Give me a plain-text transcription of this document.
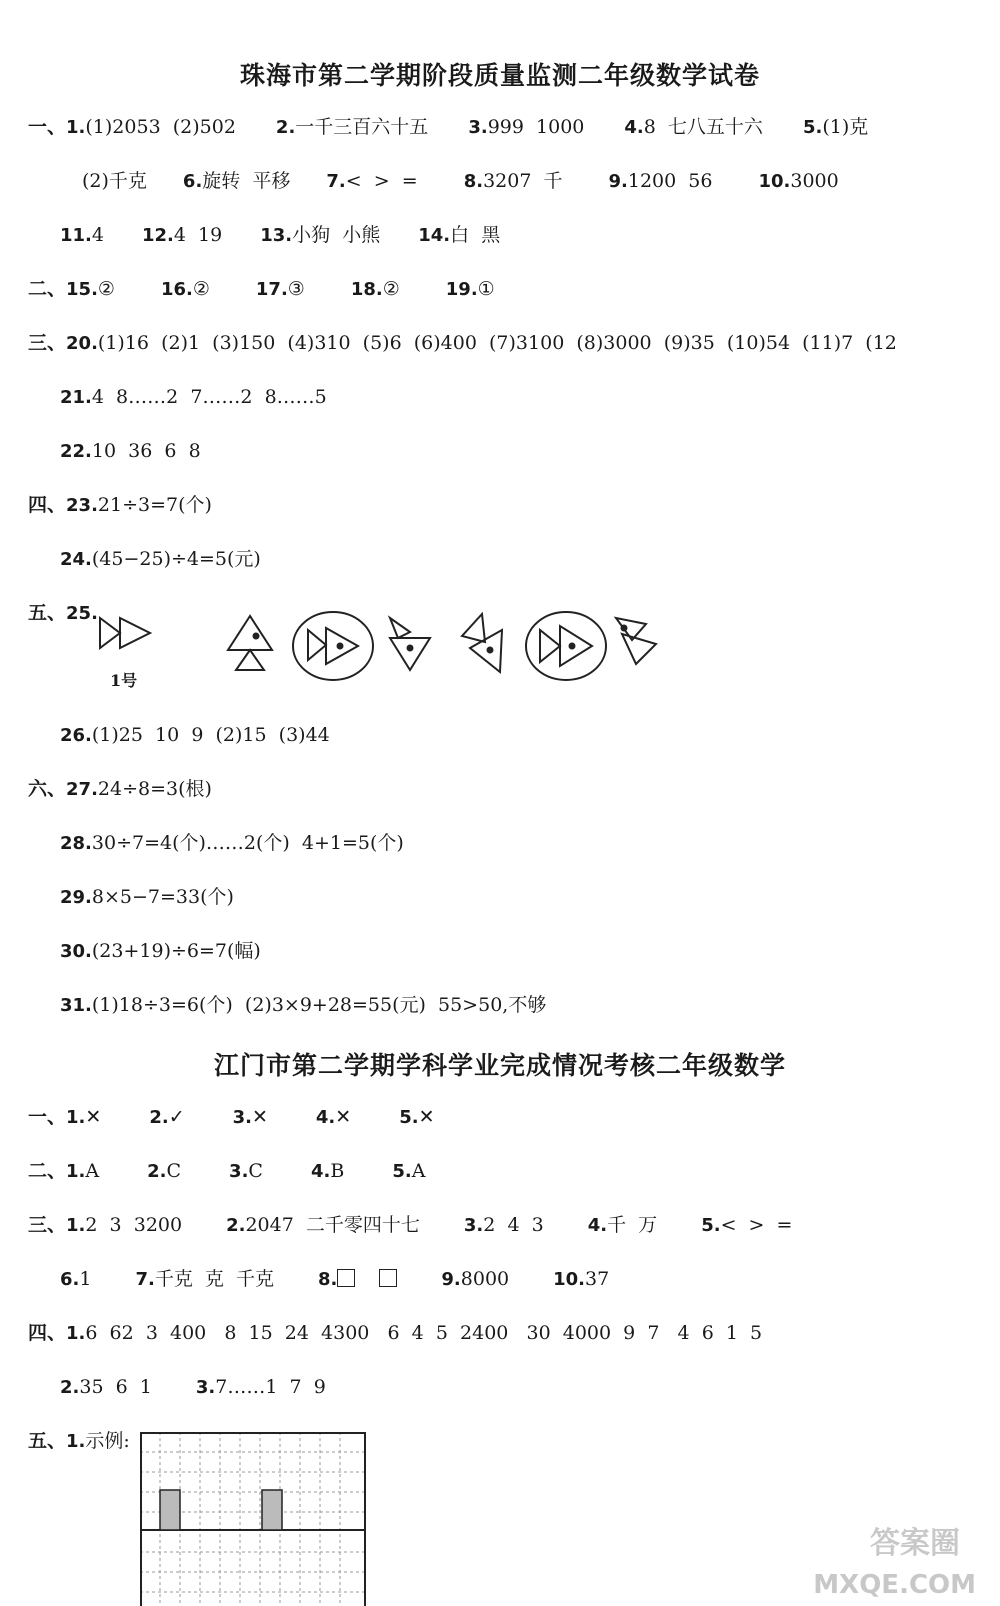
珠海市第二学期阶段质量监测二年级数学试卷
一、1.(1)2053  (2)502 2.一千三百六十五 3.999  1000 4.8  七八五十六 5.(1)克
(2)千克 6.旋转  平移 7.<  >  =	8.3207  千	9.1200  56	10.3000
11.4 12.4  19 13.小狗  小熊 14.白  黑
二、15.②	16.②	17.③	18.②	19.①
三、20.(1)16  (2)1  (3)150  (4)310  (5)6  (6)400  (7)3100  (8)3000  (9)35  (10)54  (11)7  (12
21.4  8……2  7……2  8……5
22.10  36  6  8
四、23.21÷3=7(个)
24.(45−25)÷4=5(元)
五、25.
1号
26.(1)25  10  9  (2)15  (3)44
六、27.24÷8=3(根)
28.30÷7=4(个)……2(个)  4+1=5(个)
29.8×5−7=33(个)
30.(23+19)÷6=7(幅)
31.(1)18÷3=6(个)  (2)3×9+28=55(元)  55>50,不够
江门市第二学期学科学业完成情况考核二年级数学
一、1.✕	2.✓	3.✕	4.✕	5.✕
二、1.A	2.C	3.C	4.B	5.A
三、1.2  3  3200 2.2047  二千零四十七 3.2  4  3 4.千  万 5.<  >  =
6.1 7.千克  克  千克 8.	9.8000 10.37
四、1.6  62  3  400   8  15  24  4300   6  4  5  2400   30  4000  9  7   4  6  1  5
2.35  6  1 3.7……1  7  9
五、1.示例:
答案圈
MXQE.COM
